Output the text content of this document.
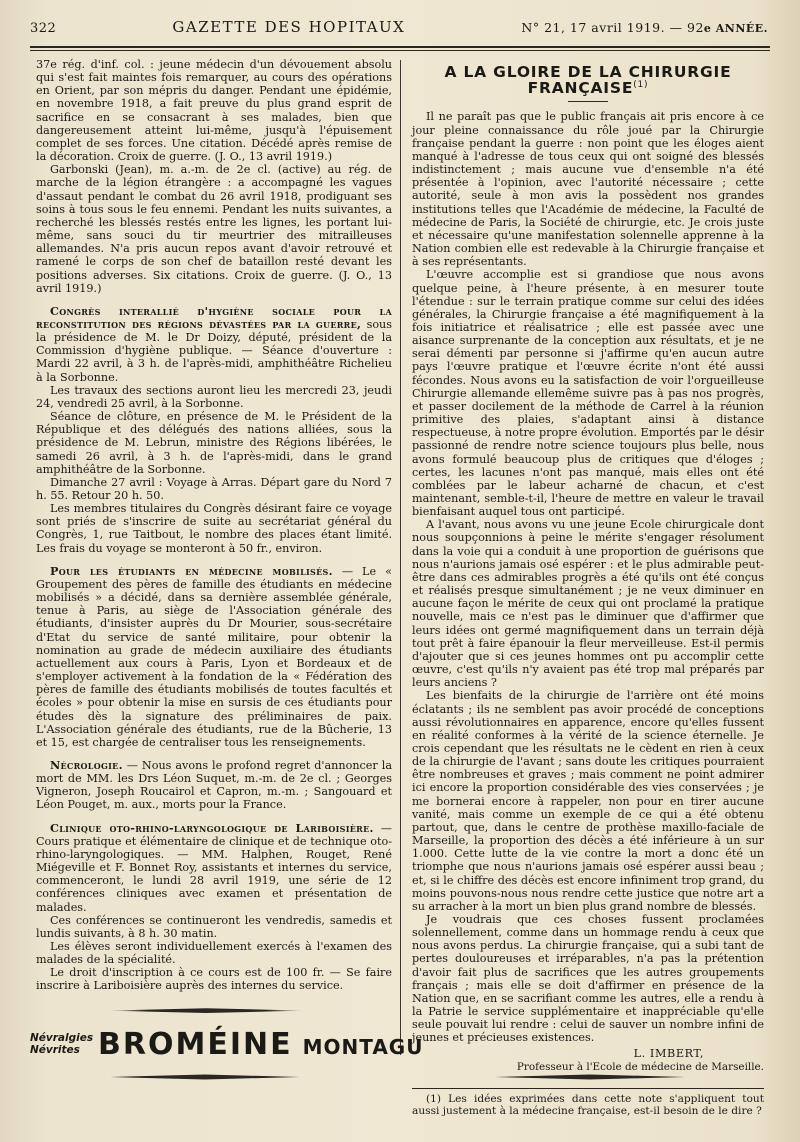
322	GAZETTE DES HOPITAUX	N° 21, 17 avril 1919. — 92e ANNÉE.

37e rég. d'inf. col. : jeune médecin d'un dévouement absolu qui s'est fait maintes fois remarquer, au cours des opérations en Orient, par son mépris du danger. Pendant une épidémie, en novembre 1918, a fait preuve du plus grand esprit de sacrifice en se consacrant à ses malades, bien que dangereusement atteint lui-même, jusqu'à l'épuisement complet de ses forces. Une citation. Décédé après remise de la décoration. Croix de guerre. (J. O., 13 avril 1919.)

Garbonski (Jean), m. a.-m. de 2e cl. (active) au rég. de marche de la légion étrangère : a accompagné les vagues d'assaut pendant le combat du 26 avril 1918, prodiguant ses soins à tous sous le feu ennemi. Pendant les nuits suivantes, a recherché les blessés restés entre les lignes, les portant lui-même, sans souci du tir meurtrier des mitrailleuses allemandes. N'a pris aucun repos avant d'avoir retrouvé et ramené le corps de son chef de bataillon resté devant les positions adverses. Six citations. Croix de guerre. (J. O., 13 avril 1919.)

Congrès interallié d'hygiène sociale pour la reconstitution des régions dévastées par la guerre, sous la présidence de M. le Dr Doizy, député, président de la Commission d'hygiène publique. — Séance d'ouverture : Mardi 22 avril, à 3 h. de l'après-midi, amphithéâtre Richelieu à la Sorbonne.

Les travaux des sections auront lieu les mercredi 23, jeudi 24, vendredi 25 avril, à la Sorbonne.

Séance de clôture, en présence de M. le Président de la République et des délégués des nations alliées, sous la présidence de M. Lebrun, ministre des Régions libérées, le samedi 26 avril, à 3 h. de l'après-midi, dans le grand amphithéâtre de la Sorbonne.

Dimanche 27 avril : Voyage à Arras. Départ gare du Nord 7 h. 55. Retour 20 h. 50.

Les membres titulaires du Congrès désirant faire ce voyage sont priés de s'inscrire de suite au secrétariat général du Congrès, 1, rue Taitbout, le nombre des places étant limité. Les frais du voyage se monteront à 50 fr., environ.

Pour les étudiants en médecine mobilisés. — Le « Groupement des pères de famille des étudiants en médecine mobilisés » a décidé, dans sa dernière assemblée générale, tenue à Paris, au siège de l'Association générale des étudiants, d'insister auprès du Dr Mourier, sous-secrétaire d'Etat du service de santé militaire, pour obtenir la nomination au grade de médecin auxiliaire des étudiants actuellement aux cours à Paris, Lyon et Bordeaux et de s'employer activement à la fondation de la « Fédération des pères de famille des étudiants mobilisés de toutes facultés et écoles » pour obtenir la mise en sursis de ces étudiants pour études dès la signature des préliminaires de paix. L'Association générale des étudiants, rue de la Bûcherie, 13 et 15, est chargée de centraliser tous les renseignements.

Nécrologie. — Nous avons le profond regret d'annoncer la mort de MM. les Drs Léon Suquet, m.-m. de 2e cl. ; Georges Vigneron, Joseph Roucairol et Capron, m.-m. ; Sangouard et Léon Pouget, m. aux., morts pour la France.

Clinique oto-rhino-laryngologique de Lariboisière. — Cours pratique et élémentaire de clinique et de technique oto-rhino-laryngologiques. — MM. Halphen, Rouget, René Miégeville et F. Bonnet Roy, assistants et internes du service, commenceront, le lundi 28 avril 1919, une série de 12 conférences cliniques avec examen et présentation de malades.

Ces conférences se continueront les vendredis, samedis et lundis suivants, à 8 h. 30 matin.

Les élèves seront individuellement exercés à l'examen des malades de la spécialité.

Le droit d'inscription à ce cours est de 100 fr. — Se faire inscrire à Lariboisière auprès des internes du service.

A LA GLOIRE DE LA CHIRURGIE FRANÇAISE$^{(1)}$

Il ne paraît pas que le public français ait pris encore à ce jour pleine connaissance du rôle joué par la Chirurgie française pendant la guerre : non point que les éloges aient manqué à l'adresse de tous ceux qui ont soigné des blessés indistinctement ; mais aucune vue d'ensemble n'a été présentée à l'opinion, avec l'autorité nécessaire ; cette autorité, seule à mon avis la possèdent nos grandes institutions telles que l'Académie de médecine, la Faculté de médecine de Paris, la Société de chirurgie, etc. Je crois juste et nécessaire qu'une manifestation solennelle apprenne à la Nation combien elle est redevable à la Chirurgie française et à ses représentants.

L'œuvre accomplie est si grandiose que nous avons quelque peine, à l'heure présente, à en mesurer toute l'étendue : sur le terrain pratique comme sur celui des idées générales, la Chirurgie française a été magnifiquement à la fois initiatrice et réalisatrice ; elle est passée avec une aisance surprenante de la conception aux résultats, et je ne serai démenti par personne si j'affirme qu'en aucun autre pays l'œuvre pratique et l'œuvre écrite n'ont été aussi fécondes. Nous avons eu la satisfaction de voir l'orgueilleuse Chirurgie allemande ellemême suivre pas à pas nos progrès, et passer docilement de la méthode de Carrel à la réunion primitive des plaies, s'adaptant ainsi à distance respectueuse, à notre propre évolution. Emportés par le désir passionné de rendre notre science toujours plus belle, nous avons formulé beaucoup plus de critiques que d'éloges ; certes, les lacunes n'ont pas manqué, mais elles ont été comblées par le labeur acharné de chacun, et c'est maintenant, semble-t-il, l'heure de mettre en valeur le travail bienfaisant auquel tous ont participé.

A l'avant, nous avons vu une jeune Ecole chirurgicale dont nous soupçonnions à peine le mérite s'engager résolument dans la voie qui a conduit à une proportion de guérisons que nous n'aurions jamais osé espérer : et le plus admirable peut-être dans ces admirables progrès a été qu'ils ont été conçus et réalisés presque simultanément ; je ne veux diminuer en aucune façon le mérite de ceux qui ont proclamé la pratique nouvelle, mais ce n'est pas le diminuer que d'affirmer que leurs idées ont germé magnifiquement dans un terrain déjà tout prêt à faire épanouir la fleur merveilleuse. Est-il permis d'ajouter que si ces jeunes hommes ont pu accomplir cette œuvre, c'est qu'ils n'y avaient pas été trop mal préparés par leurs anciens ?

Les bienfaits de la chirurgie de l'arrière ont été moins éclatants ; ils ne semblent pas avoir procédé de conceptions aussi révolutionnaires en apparence, encore qu'elles fussent en réalité conformes à la vérité de la science éternelle. Je crois cependant que les résultats ne le cèdent en rien à ceux de la chirurgie de l'avant ; sans doute les critiques pourraient être nombreuses et graves ; mais comment ne point admirer ici encore la proportion considérable des vies conservées ; je me bornerai encore à rappeler, non pour en tirer aucune vanité, mais comme un exemple de ce qui a été obtenu partout, que, dans le centre de prothèse maxillo-faciale de Marseille, la proportion des décès a été inférieure à un sur 1.000. Cette lutte de la vie contre la mort a donc été un triomphe que nous n'aurions jamais osé espérer aussi beau ; et, si le chiffre des décès est encore infiniment trop grand, du moins pouvons-nous nous rendre cette justice que notre art a su arracher à la mort un bien plus grand nombre de blessés.

Je voudrais que ces choses fussent proclamées solennellement, comme dans un hommage rendu à ceux que nous avons perdus. La chirurgie française, qui a subi tant de pertes douloureuses et irréparables, n'a pas la prétention d'avoir fait plus de sacrifices que les autres groupements français ; mais elle se doit d'affirmer en présence de la Nation que, en se sacrifiant comme les autres, elle a rendu à la Patrie le service supplémentaire et inappréciable qu'elle seule pouvait lui rendre : celui de sauver un nombre infini de jeunes et précieuses existences.

L. IMBERT,
Professeur à l'Ecole de médecine de Marseille.

(1) Les idées exprimées dans cette note s'appliquent tout aussi justement à la médecine française, est-il besoin de le dire ?

Névralgies
Névrites BROMÉINE MONTAGU
